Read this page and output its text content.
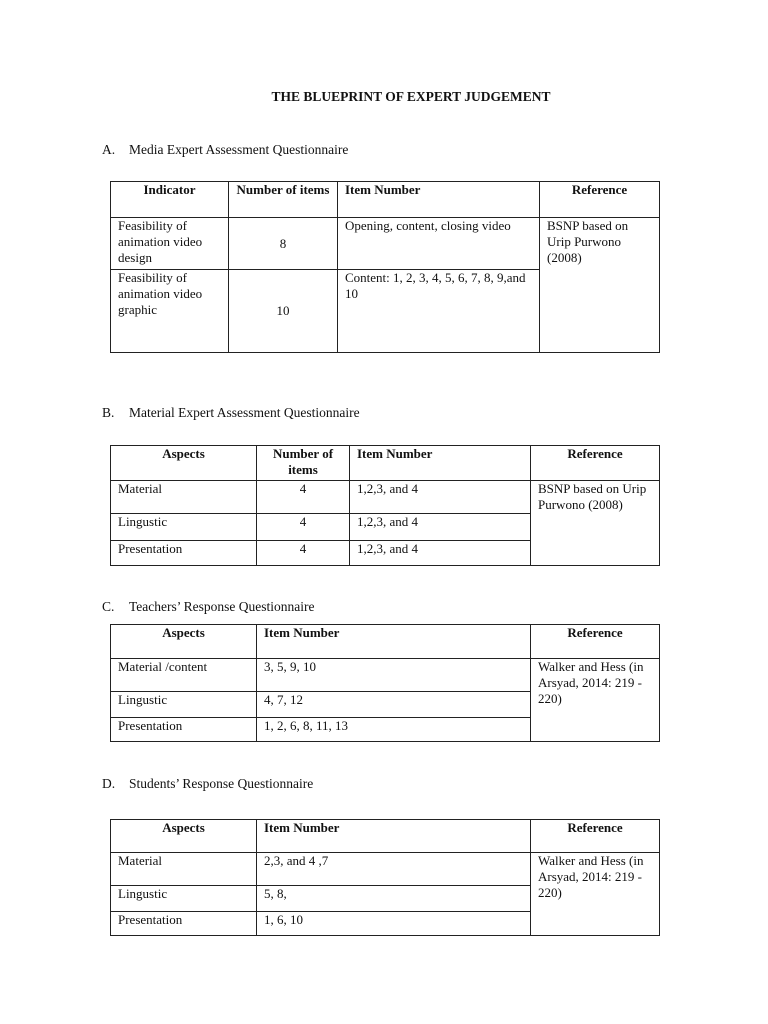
THE BLUEPRINT OF EXPERT JUDGEMENT
A. Media Expert Assessment Questionnaire
Indicator	Number of items	Item Number	Reference
Feasibility of animation video design	8	Opening, content, closing video	BSNP based on Urip Purwono (2008)
Feasibility of animation video graphic	10	Content: 1, 2, 3, 4, 5, 6, 7, 8, 9,and 10	
B. Material Expert Assessment Questionnaire
Aspects	Number of items	Item Number	Reference
Material	4	1,2,3, and 4	BSNP based on Urip Purwono (2008)
Lingustic	4	1,2,3, and 4	
Presentation	4	1,2,3, and 4	
C. Teachers’ Response Questionnaire
Aspects	Item Number	Reference
Material /content	3, 5, 9, 10	Walker and Hess (in Arsyad, 2014: 219 - 220)
Lingustic	4, 7, 12	
Presentation	1, 2, 6, 8, 11, 13	
D. Students’ Response Questionnaire
Aspects	Item Number	Reference
Material	2,3, and 4 ,7	Walker and Hess (in Arsyad, 2014: 219 - 220)
Lingustic	5, 8,	
Presentation	1, 6, 10	
